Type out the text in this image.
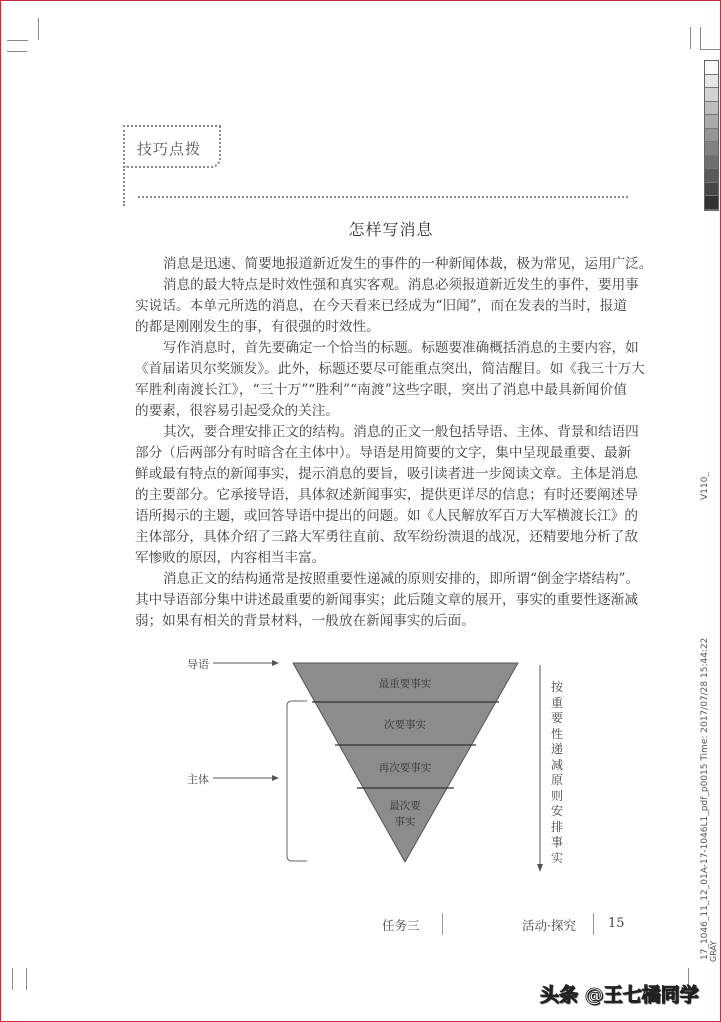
技巧点拨
怎样写消息
消息是迅速、简要地报道新近发生的事件的一种新闻体裁，极为常见，运用广泛。
消息的最大特点是时效性强和真实客观。消息必须报道新近发生的事件，要用事
实说话。本单元所选的消息，在今天看来已经成为“旧闻”，而在发表的当时，报道
的都是刚刚发生的事，有很强的时效性。
写作消息时，首先要确定一个恰当的标题。标题要准确概括消息的主要内容，如
《首届诺贝尔奖颁发》。此外，标题还要尽可能重点突出，简洁醒目。如《我三十万大
军胜利南渡长江》，“三十万”“胜利”“南渡”这些字眼，突出了消息中最具新闻价值
的要素，很容易引起受众的关注。
其次，要合理安排正文的结构。消息的正文一般包括导语、主体、背景和结语四
部分（后两部分有时暗含在主体中）。导语是用简要的文字，集中呈现最重要、最新
鲜或最有特点的新闻事实，提示消息的要旨，吸引读者进一步阅读文章。主体是消息
的主要部分。它承接导语，具体叙述新闻事实，提供更详尽的信息；有时还要阐述导
语所揭示的主题，或回答导语中提出的问题。如《人民解放军百万大军横渡长江》的
主体部分，具体介绍了三路大军勇往直前、敌军纷纷溃退的战况，还精要地分析了敌
军惨败的原因，内容相当丰富。
消息正文的结构通常是按照重要性递减的原则安排的，即所谓“倒金字塔结构”。
其中导语部分集中讲述最重要的新闻事实；此后随文章的展开，事实的重要性逐渐减
弱；如果有相关的背景材料，一般放在新闻事实的后面。
导语
主体
最重要事实
次要事实
再次要事实
最次要
事实
按重要性递减原则安排事实
任务三	活动·探究 15
V110_
17_1046_11_12_01A-17-1046L1_pdf_p0015 Time: 2017/07/28 15:44:22 GRAY
头条 @王七橘同学
